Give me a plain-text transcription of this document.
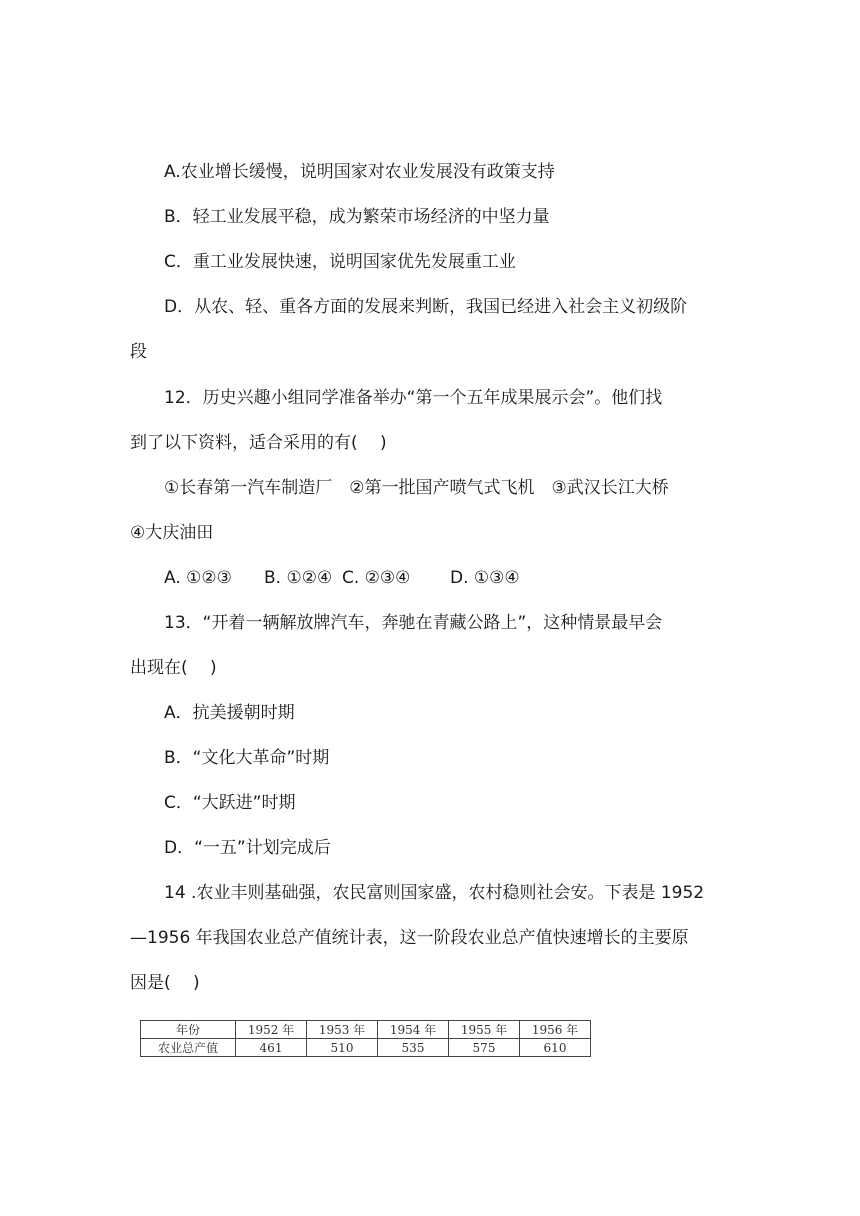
A.农业增长缓慢，说明国家对农业发展没有政策支持
B．轻工业发展平稳，成为繁荣市场经济的中坚力量
C．重工业发展快速，说明国家优先发展重工业
D．从农、轻、重各方面的发展来判断，我国已经进入社会主义初级阶
段
12．历史兴趣小组同学准备举办“第一个五年成果展示会”。他们找
到了以下资料，适合采用的有(　 )
①长春第一汽车制造厂　②第一批国产喷气式飞机　③武汉长江大桥
④大庆油田
A. ①②③ B. ①②④ C. ②③④ D. ①③④
13．“开着一辆解放牌汽车，奔驰在青藏公路上”，这种情景最早会
出现在(　 )
A．抗美援朝时期
B．“文化大革命”时期
C．“大跃进”时期
D．“一五”计划完成后
14 .农业丰则基础强，农民富则国家盛，农村稳则社会安。下表是 1952
—1956 年我国农业总产值统计表，这一阶段农业总产值快速增长的主要原
因是(　 )
年份	1952 年	1953 年	1954 年	1955 年	1956 年
农业总产值	461	510	535	575	610
